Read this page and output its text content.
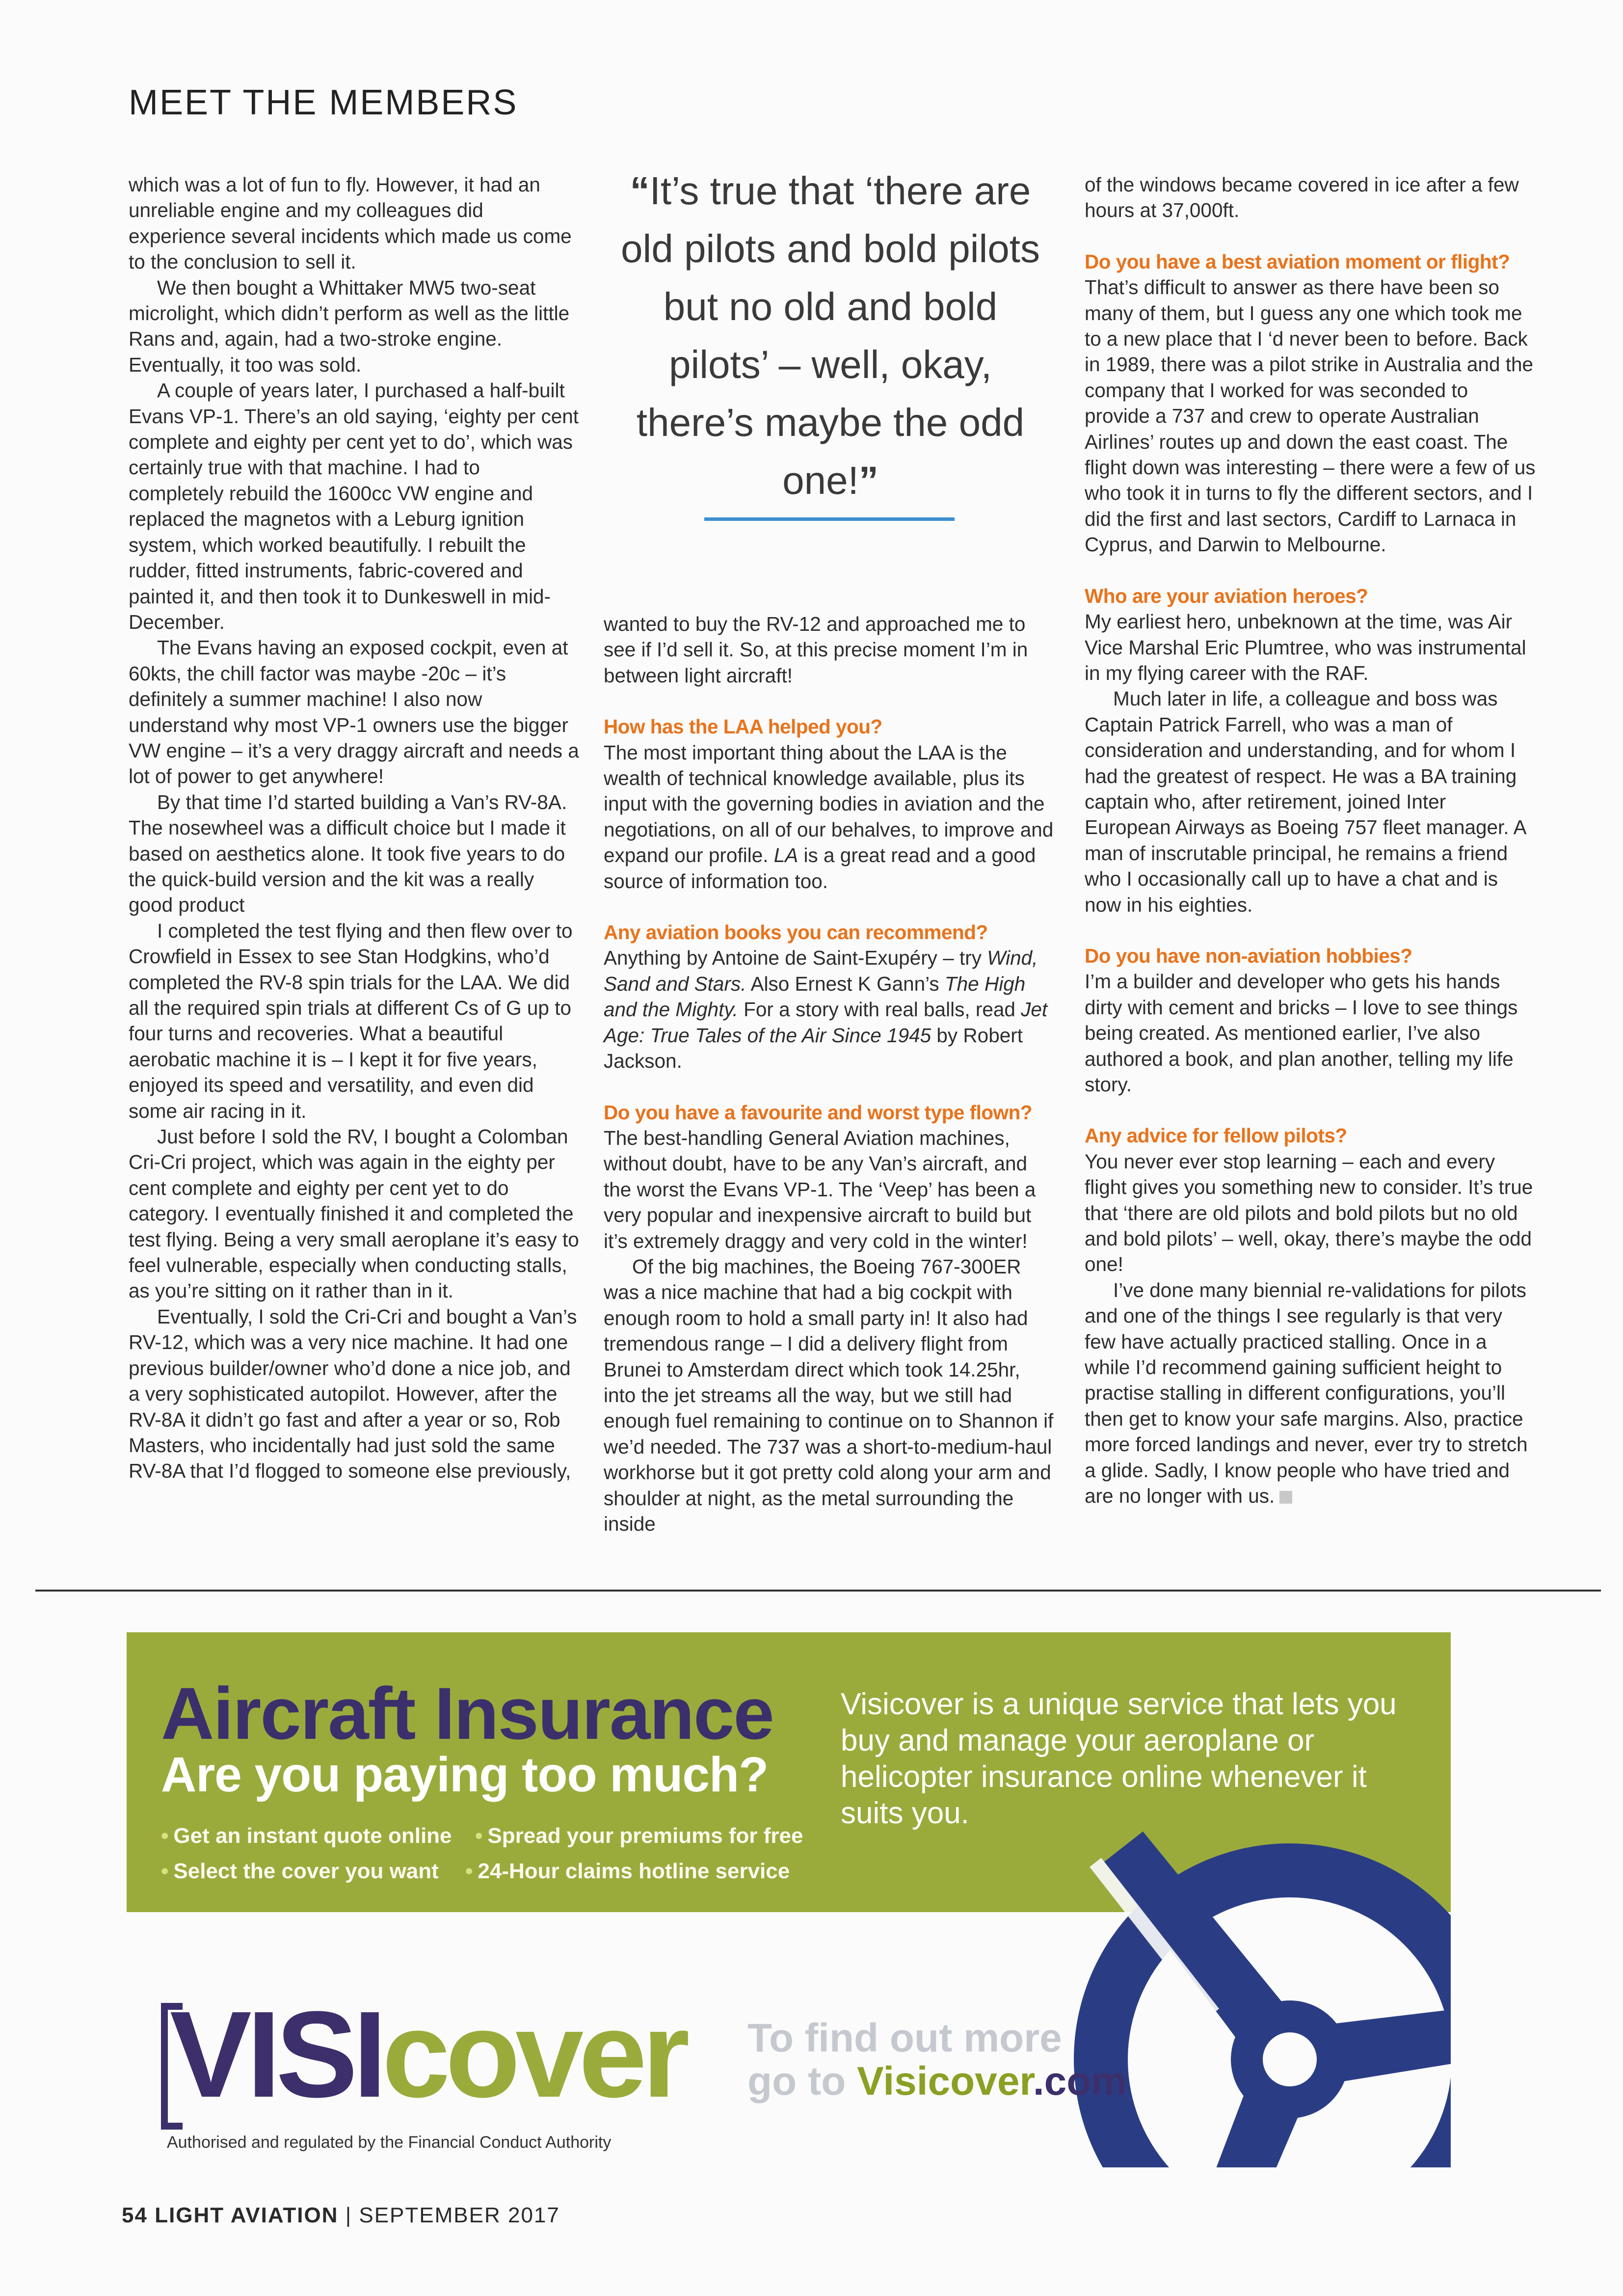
MEET THE MEMBERS

which was a lot of fun to fly. However, it had an unreliable engine and my colleagues did experience several incidents which made us come to the conclusion to sell it.

We then bought a Whittaker MW5 two-seat microlight, which didn’t perform as well as the little Rans and, again, had a two-stroke engine. Eventually, it too was sold.

A couple of years later, I purchased a half-built Evans VP-1. There’s an old saying, ‘eighty per cent complete and eighty per cent yet to do’, which was certainly true with that machine. I had to completely rebuild the 1600cc VW engine and replaced the magnetos with a Leburg ignition system, which worked beautifully. I rebuilt the rudder, fitted instruments, fabric-covered and painted it, and then took it to Dunkeswell in mid-December.

The Evans having an exposed cockpit, even at 60kts, the chill factor was maybe -20c – it’s definitely a summer machine! I also now understand why most VP-1 owners use the bigger VW engine – it’s a very draggy aircraft and needs a lot of power to get anywhere!

By that time I’d started building a Van’s RV-8A. The nosewheel was a difficult choice but I made it based on aesthetics alone. It took five years to do the quick-build version and the kit was a really good product

I completed the test flying and then flew over to Crowfield in Essex to see Stan Hodgkins, who’d completed the RV-8 spin trials for the LAA. We did all the required spin trials at different Cs of G up to four turns and recoveries. What a beautiful aerobatic machine it is – I kept it for five years, enjoyed its speed and versatility, and even did some air racing in it.

Just before I sold the RV, I bought a Colomban Cri-Cri project, which was again in the eighty per cent complete and eighty per cent yet to do category. I eventually finished it and completed the test flying. Being a very small aeroplane it’s easy to feel vulnerable, especially when conducting stalls, as you’re sitting on it rather than in it.

Eventually, I sold the Cri-Cri and bought a Van’s RV-12, which was a very nice machine. It had one previous builder/owner who’d done a nice job, and a very sophisticated autopilot. However, after the RV-8A it didn’t go fast and after a year or so, Rob Masters, who incidentally had just sold the same RV-8A that I’d flogged to someone else previously,

“It’s true that ‘there are old pilots and bold pilots but no old and bold pilots’ – well, okay, there’s maybe the odd one!”

wanted to buy the RV-12 and approached me to see if I’d sell it. So, at this precise moment I’m in between light aircraft!

How has the LAA helped you?

The most important thing about the LAA is the wealth of technical knowledge available, plus its input with the governing bodies in aviation and the negotiations, on all of our behalves, to improve and expand our profile. LA is a great read and a good source of information too.

Any aviation books you can recommend?

Anything by Antoine de Saint-Exupéry – try Wind, Sand and Stars. Also Ernest K Gann’s The High and the Mighty. For a story with real balls, read Jet Age: True Tales of the Air Since 1945 by Robert Jackson.

Do you have a favourite and worst type flown?

The best-handling General Aviation machines, without doubt, have to be any Van’s aircraft, and the worst the Evans VP-1. The ‘Veep’ has been a very popular and inexpensive aircraft to build but it’s extremely draggy and very cold in the winter!

Of the big machines, the Boeing 767-300ER was a nice machine that had a big cockpit with enough room to hold a small party in! It also had tremendous range – I did a delivery flight from Brunei to Amsterdam direct which took 14.25hr, into the jet streams all the way, but we still had enough fuel remaining to continue on to Shannon if we’d needed. The 737 was a short-to-medium-haul workhorse but it got pretty cold along your arm and shoulder at night, as the metal surrounding the inside

of the windows became covered in ice after a few hours at 37,000ft.

Do you have a best aviation moment or flight?

That’s difficult to answer as there have been so many of them, but I guess any one which took me to a new place that I ‘d never been to before. Back in 1989, there was a pilot strike in Australia and the company that I worked for was seconded to provide a 737 and crew to operate Australian Airlines’ routes up and down the east coast. The flight down was interesting – there were a few of us who took it in turns to fly the different sectors, and I did the first and last sectors, Cardiff to Larnaca in Cyprus, and Darwin to Melbourne.

Who are your aviation heroes?

My earliest hero, unbeknown at the time, was Air Vice Marshal Eric Plumtree, who was instrumental in my flying career with the RAF.

Much later in life, a colleague and boss was Captain Patrick Farrell, who was a man of consideration and understanding, and for whom I had the greatest of respect. He was a BA training captain who, after retirement, joined Inter European Airways as Boeing 757 fleet manager. A man of inscrutable principal, he remains a friend who I occasionally call up to have a chat and is now in his eighties.

Do you have non-aviation hobbies?

I’m a builder and developer who gets his hands dirty with cement and bricks – I love to see things being created. As mentioned earlier, I’ve also authored a book, and plan another, telling my life story.

Any advice for fellow pilots?

You never ever stop learning – each and every flight gives you something new to consider. It’s true that ‘there are old pilots and bold pilots but no old and bold pilots’ – well, okay, there’s maybe the odd one!

I’ve done many biennial re-validations for pilots and one of the things I see regularly is that very few have actually practiced stalling. Once in a while I’d recommend gaining sufficient height to practise stalling in different configurations, you’ll then get to know your safe margins. Also, practice more forced landings and never, ever try to stretch a glide. Sadly, I know people who have tried and are no longer with us.

Aircraft Insurance
Are you paying too much?
Visicover is a unique service that lets you buy and manage your aeroplane or helicopter insurance online whenever it suits you.
• Get an instant quote online • Spread your premiums for free
• Select the cover you want • 24-Hour claims hotline service
VISIcover To find out more
go to Visicover.com
Authorised and regulated by the Financial Conduct Authority
54 LIGHT AVIATION | SEPTEMBER 2017
